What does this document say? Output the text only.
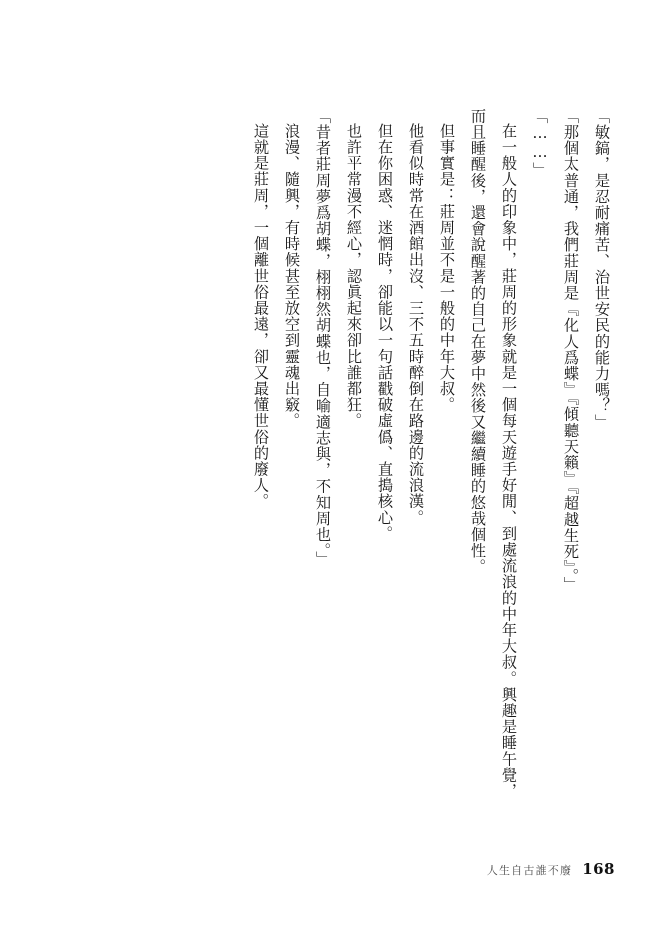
「敏鎬，是忍耐痛苦、治世安民的能力嗎？」

「那個太普通，我們莊周是『化人爲蝶』『傾聽天籟』『超越生死』。」

「……」

在一般人的印象中，莊周的形象就是一個每天遊手好閒、到處流浪的中年大叔。興趣是睡午覺，而且睡醒後，還會說醒著的自己在夢中然後又繼續睡的悠哉個性。

但事實是：莊周並不是一般的中年大叔。

他看似時常在酒館出沒、三不五時醉倒在路邊的流浪漢。

但在你困惑、迷惘時，卻能以一句話戳破虛僞、直搗核心。

也許平常漫不經心，認眞起來卻比誰都狂。

「昔者莊周夢爲胡蝶，栩栩然胡蝶也，自喻適志與，不知周也。」

浪漫、隨興，有時候甚至放空到靈魂出竅。

這就是莊周，一個離世俗最遠，卻又最懂世俗的廢人。

人生自古誰不廢 168
